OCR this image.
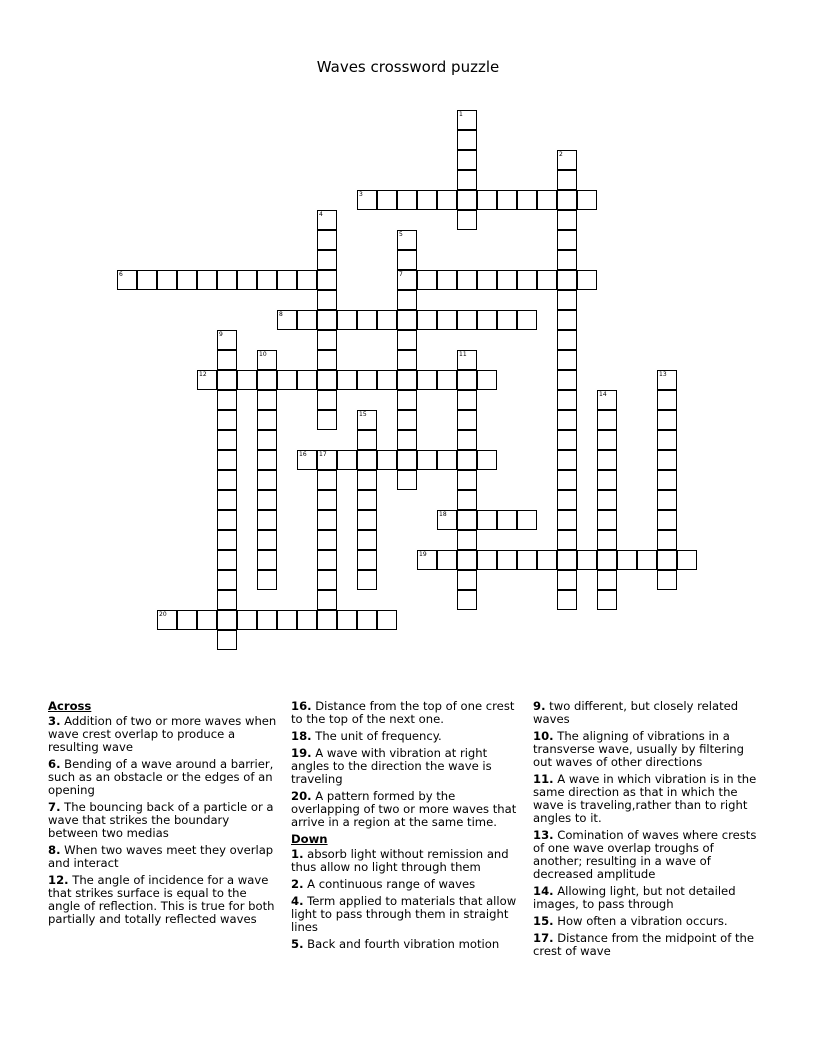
Waves crossword puzzle
1
2
3
4
5
7
6
8
9
10	11
12	13
14
15
16 17
18
19
20
Across
3. Addition of two or more waves when wave crest overlap to produce a resulting wave
6. Bending of a wave around a barrier, such as an obstacle or the edges of an opening
7. The bouncing back of a particle or a wave that strikes the boundary between two medias
8. When two waves meet they overlap and interact
12. The angle of incidence for a wave that strikes surface is equal to the angle of reflection. This is true for both partially and totally reflected waves
16. Distance from the top of one crest to the top of the next one.
18. The unit of frequency.
19. A wave with vibration at right angles to the direction the wave is traveling
20. A pattern formed by the overlapping of two or more waves that arrive in a region at the same time.
Down
1. absorb light without remission and thus allow no light through them
2. A continuous range of waves
4. Term applied to materials that allow light to pass through them in straight lines
5. Back and fourth vibration motion
9. two different, but closely related waves
10. The aligning of vibrations in a transverse wave, usually by filtering out waves of other directions
11. A wave in which vibration is in the same direction as that in which the wave is traveling,rather than to right angles to it.
13. Comination of waves where crests of one wave overlap troughs of another; resulting in a wave of decreased amplitude
14. Allowing light, but not detailed images, to pass through
15. How often a vibration occurs.
17. Distance from the midpoint of the crest of wave
